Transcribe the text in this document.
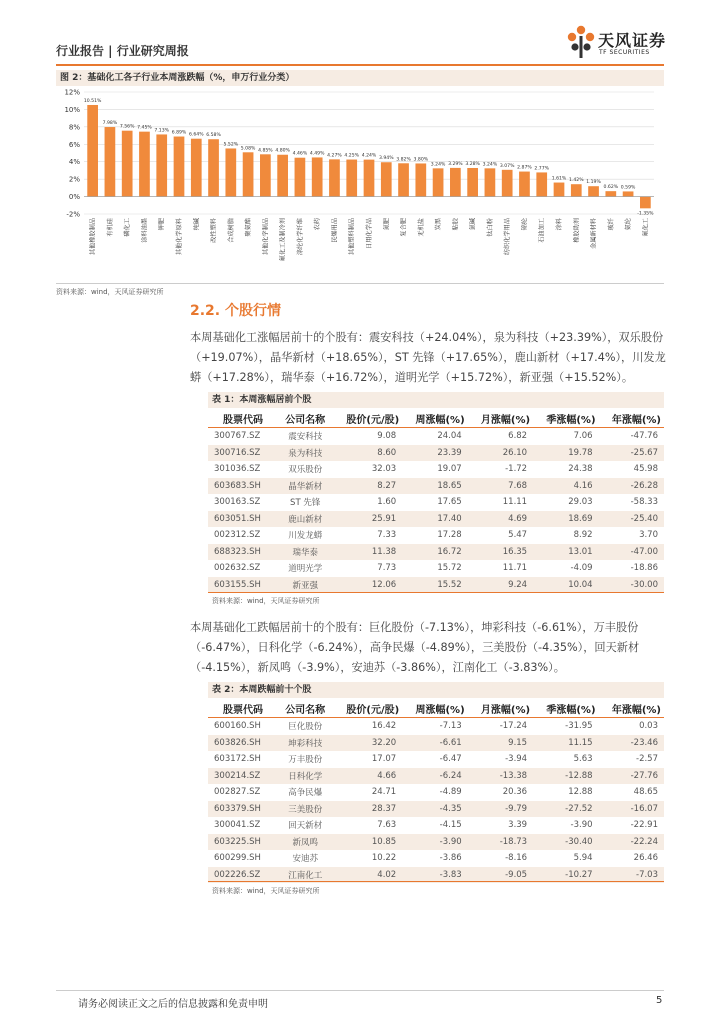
行业报告 | 行业研究周报
天风证券
TF SECURITIES
图 2：基础化工各子行业本周涨跌幅（%，申万行业分类）
12%
10%
8%
6%
4%
2%
0%
-2%
10.51%
其他橡胶制品
7.98%
有机硅
7.56%
磷化工
7.45%
涂料油墨
7.13%
钾肥
6.89%
其他化学原料
6.64%
纯碱
6.58%
改性塑料
5.52%
合成树脂
5.08%
聚氨酯
4.85%
其他化学制品
4.80%
氟化工及制冷剂
4.46%
涤纶化学纤维
4.49%
农药
4.27%
民爆用品
4.25%
其他塑料制品
4.24%
日用化学品
3.94%
氮肥
3.82%
复合肥
3.80%
无机盐
3.24%
炭黑
3.29%
粘胶
3.28%
氯碱
3.24%
钛白粉
3.07%
纺织化学用品
2.87%
锦纶
2.77%
石油加工
1.61%
涂料
1.42%
橡胶助剂
1.19%
金属新材料
0.62%
玻纤
0.59%
氨纶
-1.35%
氟化工
资料来源：wind，天风证券研究所
2.2. 个股行情

本周基础化工涨幅居前十的个股有：震安科技（+24.04%），泉为科技（+23.39%），双乐股份（+19.07%），晶华新材（+18.65%），ST 先锋（+17.65%），鹿山新材（+17.4%），川发龙蟒（+17.28%），瑞华泰（+16.72%），道明光学（+15.72%），新亚强（+15.52%）。

表 1：本周涨幅居前个股
股票代码	公司名称	股价(元/股)	周涨幅(%)	月涨幅(%)	季涨幅(%)	年涨幅(%)
300767.SZ	震安科技	9.08	24.04	6.82	7.06	-47.76
300716.SZ	泉为科技	8.60	23.39	26.10	19.78	-25.67
301036.SZ	双乐股份	32.03	19.07	-1.72	24.38	45.98
603683.SH	晶华新材	8.27	18.65	7.68	4.16	-26.28
300163.SZ	ST 先锋	1.60	17.65	11.11	29.03	-58.33
603051.SH	鹿山新材	25.91	17.40	4.69	18.69	-25.40
002312.SZ	川发龙蟒	7.33	17.28	5.47	8.92	3.70
688323.SH	瑞华泰	11.38	16.72	16.35	13.01	-47.00
002632.SZ	道明光学	7.73	15.72	11.71	-4.09	-18.86
603155.SH	新亚强	12.06	15.52	9.24	10.04	-30.00
资料来源：wind，天风证券研究所

本周基础化工跌幅居前十的个股有：巨化股份（-7.13%），坤彩科技（-6.61%），万丰股份（-6.47%），日科化学（-6.24%），高争民爆（-4.89%），三美股份（-4.35%），回天新材（-4.15%），新凤鸣（-3.9%），安迪苏（-3.86%），江南化工（-3.83%）。

表 2：本周跌幅前十个股
股票代码	公司名称	股价(元/股)	周涨幅(%)	月涨幅(%)	季涨幅(%)	年涨幅(%)
600160.SH	巨化股份	16.42	-7.13	-17.24	-31.95	0.03
603826.SH	坤彩科技	32.20	-6.61	9.15	11.15	-23.46
603172.SH	万丰股份	17.07	-6.47	-3.94	5.63	-2.57
300214.SZ	日科化学	4.66	-6.24	-13.38	-12.88	-27.76
002827.SZ	高争民爆	24.71	-4.89	20.36	12.88	48.65
603379.SH	三美股份	28.37	-4.35	-9.79	-27.52	-16.07
300041.SZ	回天新材	7.63	-4.15	3.39	-3.90	-22.91
603225.SH	新凤鸣	10.85	-3.90	-18.73	-30.40	-22.24
600299.SH	安迪苏	10.22	-3.86	-8.16	5.94	26.46
002226.SZ	江南化工	4.02	-3.83	-9.05	-10.27	-7.03
资料来源：wind，天风证券研究所
请务必阅读正文之后的信息披露和免责申明	5
